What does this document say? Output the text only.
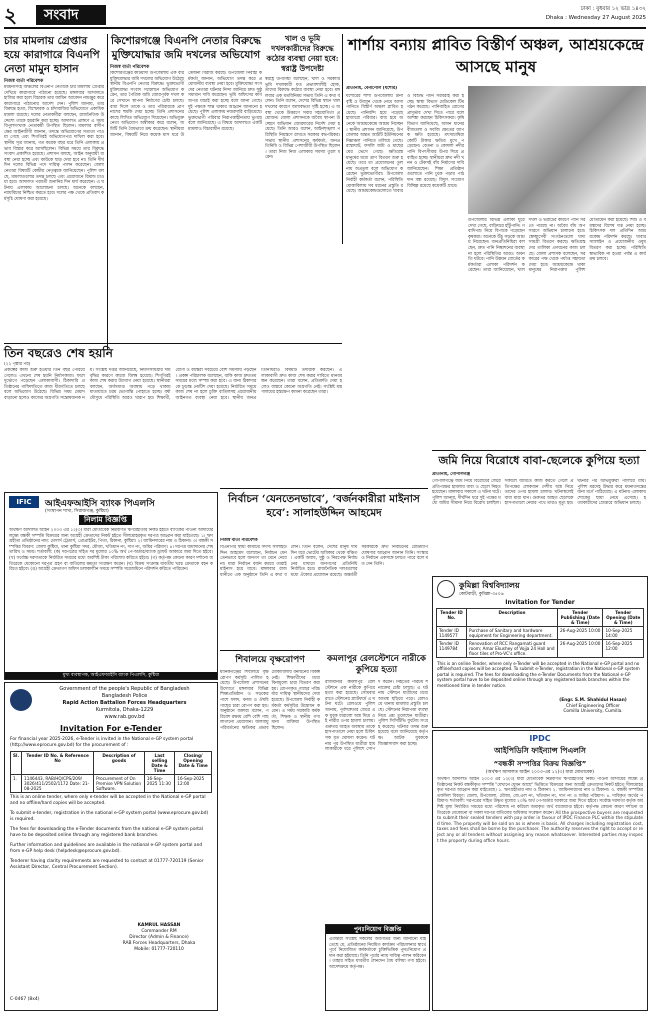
২ সংবাদ	ঢাকা : বুধবার ১২ ভাদ্র ১৪৩২
Dhaka : Wednesday 27 August 2025
চার মামলায় গ্রেপ্তার হয়ে কারাগারে বিএনপি নেতা মামুন হাসান
নিজস্ব বার্তা পরিবেশক
ময়মনসিংহ অঞ্চলের বিএনপি নেতাকে চার মামলায় গ্রেপ্তার দেখিয়ে কারাগারে পাঠানো হয়েছে। মঙ্গলবার আদালতে হাজির করা হলে বিচারক তার জামিন আবেদন নামঞ্জুর করে কারাগারে পাঠানোর আদেশ দেন। পুলিশ জানায়, তার বিরুদ্ধে হত্যা, বিস্ফোরক ও চাঁদাবাজির অভিযোগে একাধিক মামলা রয়েছে। দলের নেতাকর্মীরা বলছেন, রাজনৈতিক উদ্দেশ্যে তাকে হয়রানি করা হচ্ছে। আদালত প্রাঙ্গণে এ সময় বিপুলসংখ্যক নেতাকর্মী উপস্থিত ছিলেন। মামলার বাদীপক্ষের আইনজীবী জানান, তদন্তে অভিযোগের সত্যতা পাওয়া গেছে এবং শিগগিরই অভিযোগপত্র দাখিল করা হবে। স্থানীয় সূত্র জানায়, গত কয়েক বছর ধরে তিনি এলাকায় প্রভাব বিস্তার করে আসছিলেন। বিভিন্ন সময়ে তার বিরুদ্ধে সংবাদ প্রকাশিত হয়েছে। প্রশাসন বলছে, আইন অনুযায়ী ব্যবস্থা নেয়া হচ্ছে এবং কাউকে ছাড় দেয়া হবে না। তিনি দীর্ঘদিন দলের বিভিন্ন পদে দায়িত্ব পালন করেছেন। জেলা নেতারা বিষয়টি কেন্দ্রীয় নেতৃত্বকে জানিয়েছেন। পুলিশ বলছে, মামলাগুলোর তদন্ত চলছে এবং প্রয়োজনে রিমান্ড চাওয়া হবে। আদালত পরবর্তী শুনানির দিন ধার্য করেছেন। এ ঘটনায় এলাকায় আলোচনা চলছে। অনেকে বলছেন, ন্যায়বিচার নিশ্চিত করতে হবে। দলের পক্ষ থেকে প্রতিবাদ কর্মসূচি ঘোষণা করা হয়েছে।
কিশোরগঞ্জে বিএনপি নেতার বিরুদ্ধে মুক্তিযোদ্ধার জমি দখলের অভিযোগ
নিজস্ব বার্তা পরিবেশক
কিশোরগঞ্জের কটিয়াদী উপজেলায় এক বীর মুক্তিযোদ্ধার জমি দখলের অভিযোগ উঠেছে স্থানীয় বিএনপি নেতার বিরুদ্ধে। ভুক্তভোগী মুক্তিযোদ্ধা সংবাদ সম্মেলনে অভিযোগ করেন, তার পৈত্রিক জমি জোরপূর্বক দখল করে সেখানে স্থাপনা নির্মাণের চেষ্টা চলছে। বাধা দিলে তাকে ও তার পরিবারকে প্রাণনাশের হুমকি দেয়া হচ্ছে। তিনি প্রশাসনের কাছে লিখিত অভিযোগ দিয়েছেন। অভিযুক্ত নেতা অভিযোগ অস্বীকার করে বলেন, জমিটি তিনি বৈধভাবে ক্রয় করেছেন। স্থানীয়রা জানান, বিষয়টি নিয়ে কয়েক মাস ধরে উত্তেজনা বিরাজ করছে। উপজেলা নির্বাহী কর্মকর্তা জানান, অভিযোগ তদন্ত করে প্রয়োজনীয় ব্যবস্থা নেয়া হবে। মুক্তিযোদ্ধা সংসদের নেতারা ঘটনার নিন্দা জানিয়ে দ্রুত সুষ্ঠু সমাধান দাবি করেছেন। ভূমি অফিসের কাগজপত্র যাচাই করা হচ্ছে বলে জানা গেছে। দুই পক্ষকে শান্ত থাকার আহ্বান জানানো হয়েছে। পুলিশ এলাকায় নজরদারি বাড়িয়েছে। ভুক্তভোগী পরিবার নিরাপত্তাহীনতায় ভুগছে বলে জানিয়েছে। এ বিষয়ে আদালতে একটি মামলাও বিচারাধীন রয়েছে।
খাল ও ভূমি দখলকারীদের বিরুদ্ধে কঠোর ব্যবস্থা নেয়া হবে: স্বরাষ্ট্র উপদেষ্টা
স্বরাষ্ট্র উপদেষ্টা বলেছেন, খাল ও সরকারি ভূমি দখলকারী যত প্রভাবশালীই হোক, তাদের বিরুদ্ধে কঠোর ব্যবস্থা নেয়া হবে। মঙ্গলবার এক মতবিনিময় সভায় তিনি এ কথা বলেন। তিনি বলেন, দেশের বিভিন্ন স্থানে খাল দখলের কারণে জলাবদ্ধতা সৃষ্টি হচ্ছে। এ অবস্থা থেকে উত্তরণে সবার সহযোগিতা প্রয়োজন। জেলা প্রশাসনকে অবৈধ স্থাপনা উচ্ছেদে অভিযান জোরদারের নির্দেশ দেয়া হয়েছে। তিনি আরও বলেন, আইনশৃঙ্খলা পরিস্থিতি নিয়ন্ত্রণে রাখতে সরকার বদ্ধপরিকর। সভায় স্থানীয় প্রশাসনের কর্মকর্তা, জনপ্রতিনিধি ও বিভিন্ন পেশাজীবী উপস্থিত ছিলেন। তারা নিজ নিজ এলাকার সমস্যা তুলে ধরেন।
শার্শায় বন্যায় প্লাবিত বিস্তীর্ণ অঞ্চল, আশ্রয়কেন্দ্রে আসছে মানুষ
প্রতিনিধি, বেনাপোল (যশোর)
যশোরের শার্শা উপজেলায় টানা বৃষ্টি ও উজান থেকে নেমে আসা পানিতে বিস্তীর্ণ অঞ্চল প্লাবিত হয়েছে। পানিবন্দি হয়ে পড়েছে হাজারো পরিবার। বাধ্য হয়ে অনেকে আশ্রয়কেন্দ্রে আশ্রয় নিচ্ছেন। স্থানীয় প্রশাসন জানিয়েছে, উপজেলার অন্তত আটটি ইউনিয়নের নিম্নাঞ্চল পানিতে তলিয়ে গেছে। রাস্তাঘাট, ফসলি জমি ও মাছের ঘের ভেসে গেছে। ক্ষতিগ্রস্ত মানুষের মধ্যে ত্রাণ বিতরণ শুরু হয়েছে। তবে তা প্রয়োজনের তুলনায় অপ্রতুল বলে অভিযোগ করেছেন ভুক্তভোগীরা। উপজেলা নির্বাহী কর্মকর্তা বলেন, পরিস্থিতি মোকাবিলায় সব ধরনের প্রস্তুতি রয়েছে। আশ্রয়কেন্দ্রগুলোতে খাবার ও বিশুদ্ধ পানি সরবরাহ করা হচ্ছে। স্বাস্থ্য বিভাগ মেডিকেল টিম গঠন করেছে। পানিবাহিত রোগের প্রাদুর্ভাব দেখা দিতে পারে বলে আশঙ্কা করছেন চিকিৎসকরা। কৃষি বিভাগ জানিয়েছে, আমন ধানের বীজতলা ও সবজি ক্ষেতের ব্যাপক ক্ষতি হয়েছে। মৎস্যচাষিরা কোটি টাকার ক্ষতির মুখে পড়েছেন। বেতনা ও কোদলা নদীর পানি বিপৎসীমার উপর দিয়ে প্রবাহিত হচ্ছে। স্থানীয়রা দ্রুত নদী খনন ও টেকসই বাঁধ নির্মাণের দাবি জানিয়েছেন। শিক্ষা প্রতিষ্ঠানগুলোতে পানি ঢুকে পড়ায় পাঠদান বন্ধ রয়েছে। বিদ্যুৎ সংযোগ বিচ্ছিন্ন রয়েছে কয়েকটি গ্রামে।
উপজেলার বিভিন্ন এলাকা ঘুরে দেখা গেছে, বাড়িঘরে হাঁটুপানি। গবাদিপশু নিয়ে বিপাকে পড়েছেন কৃষকরা। অনেকে উঁচু সড়কে আশ্রয় নিয়েছেন। জনপ্রতিনিধিরা বলছেন, দ্রুত পানি নিষ্কাশনের ব্যবস্থা না হলে পরিস্থিতির আরও অবনতি ঘটবে। পানি উন্নয়ন বোর্ডের কর্মকর্তারা এলাকা পরিদর্শন করেছেন। তারা জানিয়েছেন, খাল দখল ও ভরাটের কারণে পানি সরতে পারছে না। অবৈধ বাঁধ অপসারণে অভিযান চালানো হবে। স্বেচ্ছাসেবী সংগঠনগুলো খাদ্যসামগ্রী বিতরণ করছে। ক্ষতিগ্রস্তদের তালিকা প্রণয়নের কাজ চলছে। জেলা প্রশাসক বলেছেন, সরকারের পক্ষ থেকে পর্যাপ্ত সহায়তা দেয়া হবে। আশ্রয়কেন্দ্রে থাকা মানুষের নিরাপত্তায় পুলিশ মোতায়েন করা হয়েছে। শিশু ও বয়স্কদের বিশেষ যত্ন নেয়া হচ্ছে। চিকিৎসক দল প্রতিদিন আশ্রয়কেন্দ্র পরিদর্শন করছে। খাবার স্যালাইন ও প্রয়োজনীয় ওষুধ বিতরণ করা হচ্ছে। পরিস্থিতি স্বাভাবিক না হওয়া পর্যন্ত এ কার্যক্রম চলবে।
তিন বছরেও শেষ হয়নি
(২২ পৃষ্ঠার পর)
প্রকল্পের কাজ শুরু হওয়ার তিন বছর পেরিয়ে গেলেও এখনো শেষ হয়নি নির্মাণকাজ। ফলে দুর্ভোগে পড়েছেন এলাকাবাসী। ঠিকাদারি প্রতিষ্ঠানের গাফিলতিতে কাজ ধীরগতিতে চলছে বলে অভিযোগ উঠেছে। বিভিন্ন সময় মেয়াদ বাড়ানো হলেও কাজের অগ্রগতি সন্তোষজনক নয়। সংশ্লিষ্ট দপ্তর জানিয়েছে, নির্মাণসামগ্রীর দাম বৃদ্ধির কারণে কাজে বিলম্ব হয়েছে। শিগগিরই কাজ শেষ করার উদ্যোগ নেয়া হয়েছে। স্থানীয়রা বলছেন, অর্ধসমাপ্ত অবস্থায় পড়ে থাকায় যাতায়াতে চরম ভোগান্তি পোহাতে হচ্ছে। বর্ষা মৌসুমে পরিস্থিতি আরও খারাপ হয়। শিক্ষার্থী, রোগী ও বয়স্করা সবচেয়ে বেশি সমস্যায় পড়ছেন। প্রকল্প পরিচালক বলেছেন, বাকি কাজ দ্রুততম সময়ের মধ্যে সম্পন্ন করা হবে। এ জন্য ঠিকাদারকে চূড়ান্ত নোটিশ দেয়া হয়েছে। নির্ধারিত সময়ে কাজ শেষ না হলে চুক্তি বাতিলসহ প্রয়োজনীয় আইনগত ব্যবস্থা নেয়া হবে। স্থানীয় জনপ্রতিনিধিরাও বিষয়টি তদারকি করছেন। এলাকাবাসী দ্রুত কাজ শেষ করার দাবিতে মানববন্ধন করেছেন। তারা বলেন, প্রতিশ্রুতি দেয়া হলেও বাস্তবে কোনো অগ্রগতি নেই। সংশ্লিষ্ট মন্ত্রণালয়ের হস্তক্ষেপ কামনা করেছেন তারা।
নির্বাচন ‘যেনতেনভাবে’, ‘বর্জনকারীরা মাইনাস হবে’: সালাহউদ্দিন আহমেদ
নিজস্ব বার্তা পরিবেশক
বিএনপির স্থায়ী কমিটির সদস্য সালাহউদ্দিন আহমেদ বলেছেন, নির্বাচন যেনতেনভাবে হলে জনগণ তা মেনে নেবে না। যারা নির্বাচন বর্জন করবে তারাই মাইনাস হয়ে যাবে। মঙ্গলবার রাজধানীতে এক অনুষ্ঠানে তিনি এ কথা বলেন। তিনি বলেন, দেশের মানুষ দীর্ঘদিন ধরে ভোটের অধিকার থেকে বঞ্চিত। একটি অবাধ, সুষ্ঠু ও নিরপেক্ষ নির্বাচনের মাধ্যমে জনগণের প্রতিনিধি নির্বাচিত হবে। রাজনৈতিক দলগুলোর মধ্যে ঐক্যের প্রয়োজন রয়েছে। অন্তর্বর্তী সরকারকে দ্রুত নির্বাচনের রোডম্যাপ ঘোষণার আহ্বান জানান তিনি। সংস্কার ও নির্বাচন একসঙ্গে চলতে পারে বলে মত দেন তিনি।
জমি নিয়ে বিরোধে বাবা-ছেলেকে কুপিয়ে হত্যা
প্রতিনিধি, গোপালগঞ্জ
গোপালগঞ্জে জমি নিয়ে বিরোধের জেরে প্রতিপক্ষের হামলায় বাবা ও ছেলে নিহত হয়েছেন। মঙ্গলবার সকালে এ ঘটনা ঘটে। পুলিশ জানায়, দীর্ঘদিন ধরে দুই পক্ষের মধ্যে জমির সীমানা নিয়ে বিরোধ চলছিল। সকালে জমিতে কাজ করতে গেলে প্রতিপক্ষের লোকজন দেশীয় অস্ত্র নিয়ে তাদের ওপর হামলা চালায়। ঘটনাস্থলেই বাবা মারা যান। গুরুতর আহত ছেলেকে হাসপাতালে নেয়ার পথে তারও মৃত্যু হয়। ঘটনার পর অভিযুক্তরা পালিয়ে যায়। পুলিশ মরদেহ উদ্ধার করে ময়নাতদন্তের জন্য মর্গে পাঠিয়েছে। এ ঘটনায় এলাকায় শোকের ছায়া নেমে এসেছে। হত্যাকারীদের গ্রেপ্তারে অভিযান চলছে।
IFIC	আইএফআইসি ব্যাংক পিএলসি
(সংস্থাপন শাখা, সিরাজগঞ্জ, কুষ্টিয়া)
নিলাম বিজ্ঞপ্তি
অর্থঋণ আদালত আইন ২০০৩ এর ১২(৩) ধারা মোতাবেক নিম্নবর্ণিত ঋণগ্রহীতার নিকট হইতে ব্যাংকের পাওনা আদায়ের লক্ষ্যে বন্ধকী সম্পত্তি বিক্রয়ের জন্য আগ্রহী ক্রেতাদের নিকট হইতে সীলমোহরকৃত দরপত্র আহ্বান করা যাইতেছে। ১। ঋণগ্রহীতা প্রতিষ্ঠানের নাম: মেসার্স ট্রেডার্স, প্রোপ্রাইটর, পিতা, ঠিকানা, কুষ্টিয়া। ২। জামিনদারের নাম ও ঠিকানা। ৩। বন্ধকী সম্পত্তির বিবরণ: জেলা কুষ্টিয়া, থানা কুষ্টিয়া সদর, মৌজা, খতিয়ান নং, দাগ নং, জমির পরিমাণ। ৪। দরপত্র জমাদানের শেষ তারিখ ও সময়। শর্তাবলী: (ক) দরপত্রের সহিত দর মূল্যের ১০% অর্থ পে-অর্ডার/ব্যাংক ড্রাফট আকারে জমা দিতে হইবে। (খ) সর্বোচ্চ দরদাতাকে নির্ধারিত সময়ের মধ্যে অবশিষ্ট টাকা পরিশোধ করিতে হইবে। (গ) কর্তৃপক্ষ কোনো কারণ দর্শানো ব্যতিরেকে যেকোনো দরপত্র গ্রহণ বা বাতিলের ক্ষমতা সংরক্ষণ করেন। (ঘ) বিক্রয় সংক্রান্ত যাবতীয় খরচ ক্রেতাকে বহন করিতে হইবে। (ঙ) আগ্রহী ক্রেতাগণ অফিস চলাকালীন সময়ে সম্পত্তি সরেজমিনে পরিদর্শন করিতে পারিবেন।
মুখ্য ব্যবস্থাপক, আইএফআইসি ব্যাংক পিএলসি, কুষ্টিয়া
Government of the people's Republic of Bangladesh
Bangladesh Police
Rapid Action Battalion Forces Headquarters
Kurmitola, Dhaka-1229
www.rab.gov.bd
Invitation For e-Tender
For financial year 2025-2026, e-Tender is invited in the National e-GP system portal (http://www.eprocure.gov.bd) for the procurement of :
Sl.	Tender ID No. & Reference No	Description of goods	Last selling Date & Time	Closing/ Opening Date & Time
1.	1146443, RAB/HQ/CPS/209/ 3026/411/2502/1172 Date: 21-08-2025	Procurement of On Premise VPN Solution Software.	16-Sep-2025 11:30	16-Sep-2025 12:00
This is an online tender, where only e-tender will be accepted in the National e-GP portal and no offline/hard copies will be accepted.
To submit e-tender, registration in the national e-GP system portal (www.eprocure.gov.bd) is required.
The fees for downloading the e-Tender documents from the national e-GP system portal have to be deposited online through any registered bank branches.
Further information and guidelines are available in the national e-GP system portal and from e-GP help desk (helpdesk@eprocure.gov.bd).
Tenderer having clarity requirements are requested to contact at 01777-720119 (Senior Assistant Director, Central Procurement Section).
KAMRUL HASSAN
Commander RM
Director (Admin & Finance)
RAB Forces Headquarters, Dhaka
Mobile: 01777-720110
C-0467 (8x4)
শিবালয়ে বৃক্ষরোপণ
মানিকগঞ্জের শিবালয়ে বৃক্ষরোপণ কর্মসূচি পালিত হয়েছে। উপজেলা প্রশাসনের উদ্যোগে মঙ্গলবার বিভিন্ন শিক্ষাপ্রতিষ্ঠান ও সড়কের পাশে ফলদ, বনজ ও ঔষধি গাছের চারা রোপণ করা হয়। অনুষ্ঠানে বক্তারা বলেন, পরিবেশ রক্ষায় বেশি বেশি গাছ লাগানো প্রয়োজন। জলবায়ু পরিবর্তনের ক্ষতিকর প্রভাব মোকাবিলায় বনায়নের বিকল্প নেই। শিক্ষার্থীদের মধ্যে বিনামূল্যে চারা বিতরণ করা হয়। রোপণকৃত গাছের পরিচর্যার দায়িত্ব স্থানীয়দের দেয়া হয়েছে। উপজেলা নির্বাহী কর্মকর্তা কর্মসূচির উদ্বোধন করেন। এ সময় সরকারি কর্মকর্তা, শিক্ষক ও স্থানীয় গণ্যমান্য ব্যক্তিরা উপস্থিত ছিলেন।
কমলাপুর রেলস্টেশনে নারীকে কুপিয়ে হত্যা
রাজধানীর কমলাপুর রেলস্টেশনে এক নারীকে কুপিয়ে হত্যা করা হয়েছে। সোমবার রাতে স্টেশনের প্ল্যাটফর্মে এ ঘটনা ঘটে। রেলওয়ে পুলিশ জানায়, পূর্বশত্রুতার জেরে এক যুবক ধারালো অস্ত্র দিয়ে ওই নারীর ওপর হামলা চালায়। গুরুতর আহত অবস্থায় তাকে হাসপাতালে নেয়া হলে চিকিৎসক মৃত ঘোষণা করেন। ঘটনার পর উপস্থিত যাত্রীরা হামলাকারীকে ধরে পুলিশে সোপর্দ করেন। নিহতের পরিচয় শনাক্তের চেষ্টা চলছে। এ ঘটনায় স্টেশনে যাত্রীদের মধ্যে আতঙ্ক ছড়িয়ে পড়ে। রেলওয়ে থানায় মামলার প্রস্তুতি চলছে। স্টেশনের নিরাপত্তা ব্যবস্থা নিয়ে প্রশ্ন তুলেছেন যাত্রীরা। পুলিশ সিসিটিভি ফুটেজ সংগ্রহ করেছে। ঘটনার তদন্ত শুরু হয়েছে বলে জানিয়েছে কর্তৃপক্ষ। আটক যুবককে জিজ্ঞাসাবাদ করা হচ্ছে।
পুনঃনিয়োগ বিজ্ঞপ্তি
এতদ্বারা সংশ্লিষ্ট সকলের অবগতির জন্য জানানো যাইতেছে যে, প্রতিষ্ঠানের নিয়মিত কার্যক্রম পরিচালনার স্বার্থে পূর্বে নিয়োজিত কর্মকর্তাকে চুক্তিভিত্তিক পুনঃনিয়োগ প্রদান করা হইয়াছে। তিনি পূর্বের ন্যায় দায়িত্ব পালন করিবেন। তাহার সহিত যাবতীয় লেনদেন বৈধ বলিয়া গণ্য হইবে। আদেশক্রমে কর্তৃপক্ষ।
কুমিল্লা বিশ্ববিদ্যালয়
কোটবাড়ী, কুমিল্লা-৩৫০৬
Invitation for Tender
Tender ID No.	Description	Tender Publishing (Date & Time)	Tender Opening (Date & Time)
Tender ID 1149577	Purchase of Sanitary and hardware equipment for Engineering department.	26-Aug-2025 10:00	10-Sep-2025 14:00
Tender ID 1149784	Renovation of RCC Rangamati guard room; Amar Ekushey of Vojja 24 Hall and floor tiles of Pro-VC's office.	26-Aug-2025 10:00	16-Sep-2025 12:00
This is an online Tender, where only e-Tender will be accepted in the National e-GP portal and no offline/hard copies will be accepted. To submit e-Tender, registration in the National e-GP system portal is required. The fees for downloading the e-Tender Documents from the National e-GP system portal have to be deposited online through any registered bank branches within the mentioned time in tender notice.
(Engr. S.M. Shahidul Hasan)
Chief Engineering Officer
Comilla University, Cumilla.
IPDC
আইপিডিসি ফাইন্যান্স পিএলসি
“বন্ধকী সম্পত্তির বিক্রয় বিজ্ঞপ্তি”
(অর্থঋণ আদালত আইন ২০০৩-এর ১২(৩) ধারা মোতাবেক)
অর্থঋণ আদালত আইন ২০০৩ এর ১২(৩) ধারা মোতাবেক নিম্নবর্ণিত ঋণগ্রহীতার নিকট পাওনা আদায়ের লক্ষ্যে প্রতিষ্ঠানের নিকট বন্ধকীকৃত সম্পত্তি "যেখানে যেমন আছে" ভিত্তিতে বিক্রয়ের জন্য আগ্রহী ক্রেতাদের নিকট হইতে সীলমোহরকৃত দরপত্র আহ্বান করা যাইতেছে। ১. ঋণগ্রহীতার নাম ও ঠিকানা। ২. জামিনদারদের নাম ও ঠিকানা। ৩. বন্ধকী সম্পত্তির তফসিল বিবরণ: জেলা, উপজেলা, মৌজা, জে.এল নং, খতিয়ান নং, দাগ নং ও জমির পরিমাণ। ৪. দাবিকৃত অর্থের পরিমাণ। শর্তাবলী: দরপত্রের সহিত উদ্ধৃত মূল্যের ২০% অর্থ পে-অর্ডার আকারে জমা দিতে হইবে। সর্বোচ্চ দরদাতা কর্তৃক অবশিষ্ট মূল্য নির্ধারিত সময়ের মধ্যে পরিশোধ না করিলে জমাকৃত অর্থ বাজেয়াপ্ত হইবে। কর্তৃপক্ষ কোনো কারণ দর্শানো ব্যতিরেকে যেকোনো বা সকল দরপত্র বাতিলের অধিকার সংরক্ষণ করেন। All the prospective buyers are requested to submit their sealed tenders with pay order in favour of IPDC Finance PLC within the stipulated time. The property will be sold on as is where is basis. All charges including registration cost, taxes and fees shall be borne by the purchaser. The authority reserves the right to accept or reject any or all tenders without assigning any reason whatsoever. Interested parties may inspect the property during office hours.
